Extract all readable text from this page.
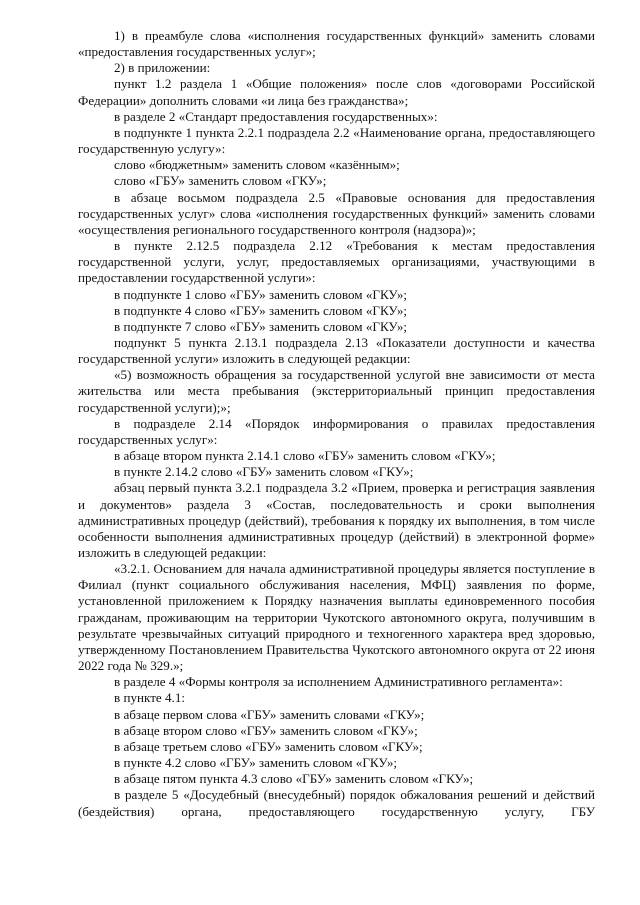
1) в преамбуле слова «исполнения государственных функций» заменить словами «предоставления государственных услуг»;

2) в приложении:

пункт 1.2 раздела 1 «Общие положения» после слов «договорами Российской Федерации» дополнить словами «и лица без гражданства»;

в разделе 2 «Стандарт предоставления государственных»:

в подпункте 1 пункта 2.2.1 подраздела 2.2 «Наименование органа, предоставляющего государственную услугу»:

слово «бюджетным» заменить словом «казённым»;

слово «ГБУ» заменить словом «ГКУ»;

в абзаце восьмом подраздела 2.5 «Правовые основания для предоставления государственных услуг» слова «исполнения государственных функций» заменить словами «осуществления регионального государственного контроля (надзора)»;

в пункте 2.12.5 подраздела 2.12 «Требования к местам предоставления государственной услуги, услуг, предоставляемых организациями, участвующими в предоставлении государственной услуги»:

в подпункте 1 слово «ГБУ» заменить словом «ГКУ»;

в подпункте 4 слово «ГБУ» заменить словом «ГКУ»;

в подпункте 7 слово «ГБУ» заменить словом «ГКУ»;

подпункт 5 пункта 2.13.1 подраздела 2.13 «Показатели доступности и качества государственной услуги» изложить в следующей редакции:

«5) возможность обращения за государственной услугой вне зависимости от места жительства или места пребывания (экстерриториальный принцип предоставления государственной услуги);»;

в подразделе 2.14 «Порядок информирования о правилах предоставления государственных услуг»:

в абзаце втором пункта 2.14.1 слово «ГБУ» заменить словом «ГКУ»;

в пункте 2.14.2 слово «ГБУ» заменить словом «ГКУ»;

абзац первый пункта 3.2.1 подраздела 3.2 «Прием, проверка и регистрация заявления и документов» раздела 3 «Состав, последовательность и сроки выполнения административных процедур (действий), требования к порядку их выполнения, в том числе особенности выполнения административных процедур (действий) в электронной форме» изложить в следующей редакции:

«3.2.1. Основанием для начала административной процедуры является поступление в Филиал (пункт социального обслуживания населения, МФЦ) заявления по форме, установленной приложением к Порядку назначения выплаты единовременного пособия гражданам, проживающим на территории Чукотского автономного округа, получившим в результате чрезвычайных ситуаций природного и техногенного характера вред здоровью, утвержденному Постановлением Правительства Чукотского автономного округа от 22 июня 2022 года № 329.»;

в разделе 4 «Формы контроля за исполнением Административного регламента»:

в пункте 4.1:

в абзаце первом слова «ГБУ» заменить словами «ГКУ»;

в абзаце втором слово «ГБУ» заменить словом «ГКУ»;

в абзаце третьем слово «ГБУ» заменить словом «ГКУ»;

в пункте 4.2 слово «ГБУ» заменить словом «ГКУ»;

в абзаце пятом пункта 4.3 слово «ГБУ» заменить словом «ГКУ»;

в разделе 5 «Досудебный (внесудебный) порядок обжалования решений и действий (бездействия) органа, предоставляющего государственную услугу, ГБУ
